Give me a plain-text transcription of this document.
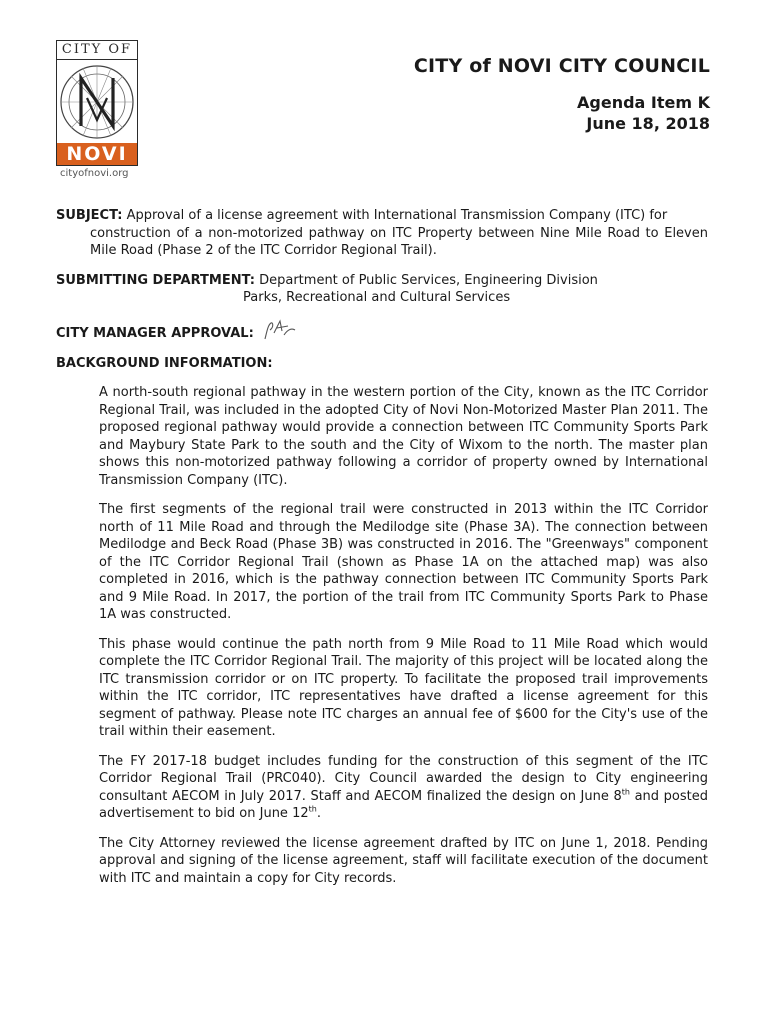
CITY OF
NOVI
cityofnovi.org
CITY of NOVI CITY COUNCIL
Agenda Item K
June 18, 2018
SUBJECT: Approval of a license agreement with International Transmission Company (ITC) for
construction of a non-motorized pathway on ITC Property between Nine Mile Road to Eleven Mile Road (Phase 2 of the ITC Corridor Regional Trail).
SUBMITTING DEPARTMENT: Department of Public Services, Engineering Division
Parks, Recreational and Cultural Services
CITY MANAGER APPROVAL:
BACKGROUND INFORMATION:
A north-south regional pathway in the western portion of the City, known as the ITC Corridor Regional Trail, was included in the adopted City of Novi Non-Motorized Master Plan 2011. The proposed regional pathway would provide a connection between ITC Community Sports Park and Maybury State Park to the south and the City of Wixom to the north. The master plan shows this non-motorized pathway following a corridor of property owned by International Transmission Company (ITC).
The first segments of the regional trail were constructed in 2013 within the ITC Corridor north of 11 Mile Road and through the Medilodge site (Phase 3A). The connection between Medilodge and Beck Road (Phase 3B) was constructed in 2016. The "Greenways" component of the ITC Corridor Regional Trail (shown as Phase 1A on the attached map) was also completed in 2016, which is the pathway connection between ITC Community Sports Park and 9 Mile Road. In 2017, the portion of the trail from ITC Community Sports Park to Phase 1A was constructed.
This phase would continue the path north from 9 Mile Road to 11 Mile Road which would complete the ITC Corridor Regional Trail. The majority of this project will be located along the ITC transmission corridor or on ITC property. To facilitate the proposed trail improvements within the ITC corridor, ITC representatives have drafted a license agreement for this segment of pathway. Please note ITC charges an annual fee of $600 for the City's use of the trail within their easement.
The FY 2017-18 budget includes funding for the construction of this segment of the ITC Corridor Regional Trail (PRC040). City Council awarded the design to City engineering consultant AECOM in July 2017. Staff and AECOM finalized the design on June 8th and posted advertisement to bid on June 12th.
The City Attorney reviewed the license agreement drafted by ITC on June 1, 2018. Pending approval and signing of the license agreement, staff will facilitate execution of the document with ITC and maintain a copy for City records.
